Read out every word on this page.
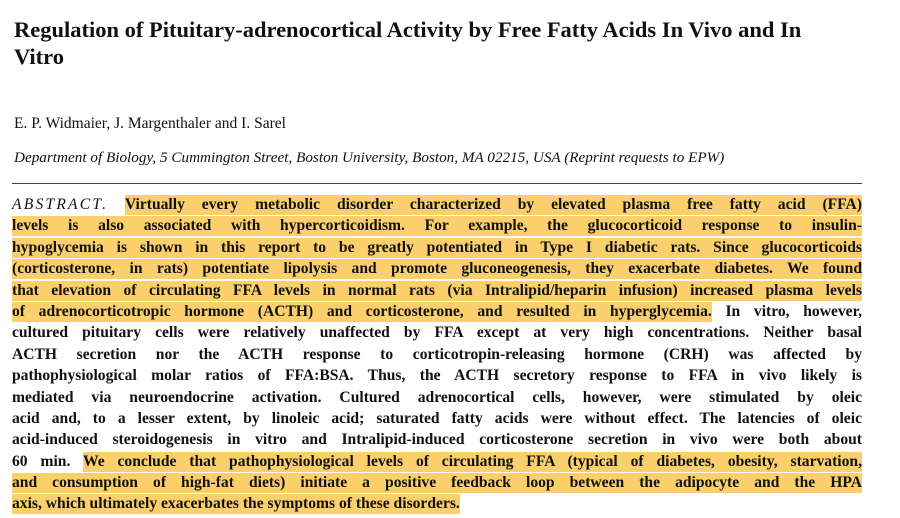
Regulation of Pituitary-adrenocortical Activity by Free Fatty Acids In Vivo and In Vitro

E. P. Widmaier, J. Margenthaler and I. Sarel

Department of Biology, 5 Cummington Street, Boston University, Boston, MA 02215, USA (Reprint requests to EPW)

ABSTRACT. Virtually every metabolic disorder characterized by elevated plasma free fatty acid (FFA)
levels is also associated with hypercorticoidism. For example, the glucocorticoid response to insulin-
hypoglycemia is shown in this report to be greatly potentiated in Type I diabetic rats. Since glucocorticoids
(corticosterone, in rats) potentiate lipolysis and promote gluconeogenesis, they exacerbate diabetes. We found
that elevation of circulating FFA levels in normal rats (via Intralipid/heparin infusion) increased plasma levels
of adrenocorticotropic hormone (ACTH) and corticosterone, and resulted in hyperglycemia. In vitro, however,
cultured pituitary cells were relatively unaffected by FFA except at very high concentrations. Neither basal
ACTH secretion nor the ACTH response to corticotropin-releasing hormone (CRH) was affected by
pathophysiological molar ratios of FFA:BSA. Thus, the ACTH secretory response to FFA in vivo likely is
mediated via neuroendocrine activation. Cultured adrenocortical cells, however, were stimulated by oleic
acid and, to a lesser extent, by linoleic acid; saturated fatty acids were without effect. The latencies of oleic
acid-induced steroidogenesis in vitro and Intralipid-induced corticosterone secretion in vivo were both about
60 min. We conclude that pathophysiological levels of circulating FFA (typical of diabetes, obesity, starvation,
and consumption of high-fat diets) initiate a positive feedback loop between the adipocyte and the HPA
axis, which ultimately exacerbates the symptoms of these disorders.
